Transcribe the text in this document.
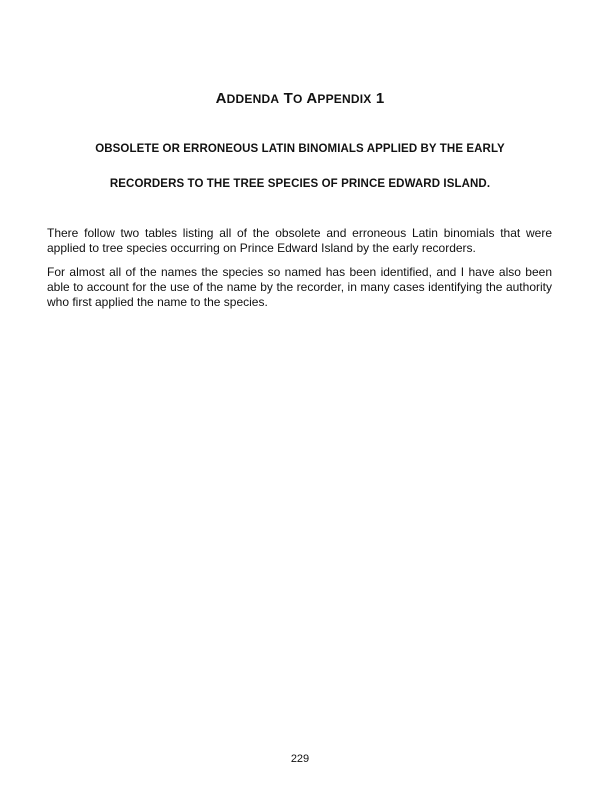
ADDENDA TO APPENDIX 1
OBSOLETE OR ERRONEOUS LATIN BINOMIALS APPLIED BY THE EARLY
RECORDERS TO THE TREE SPECIES OF PRINCE EDWARD ISLAND.

There follow two tables listing all of the obsolete and erroneous Latin binomials that were applied to tree species occurring on Prince Edward Island by the early recorders.

For almost all of the names the species so named has been identified, and I have also been able to account for the use of the name by the recorder, in many cases identifying the authority who first applied the name to the species.

229
